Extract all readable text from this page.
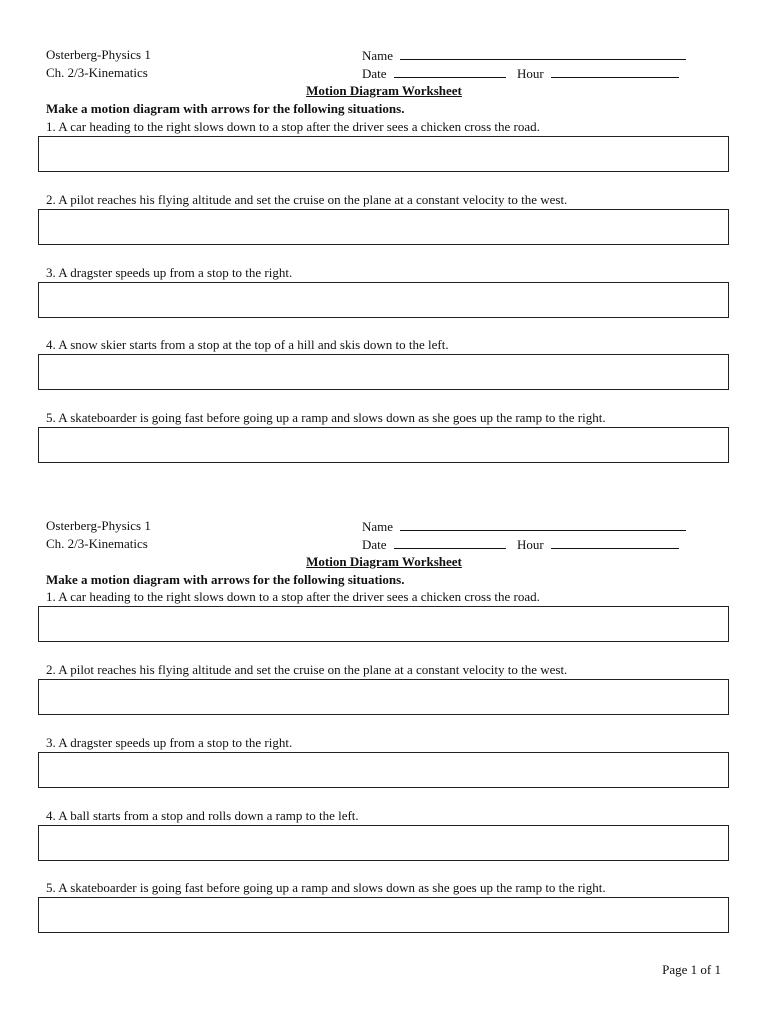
Osterberg-Physics 1
Ch. 2/3-Kinematics
Name
Date	Hour
Motion Diagram Worksheet
Make a motion diagram with arrows for the following situations.
1. A car heading to the right slows down to a stop after the driver sees a chicken cross the road.
2. A pilot reaches his flying altitude and set the cruise on the plane at a constant velocity to the west.
3. A dragster speeds up from a stop to the right.
4. A snow skier starts from a stop at the top of a hill and skis down to the left.
5. A skateboarder is going fast before going up a ramp and slows down as she goes up the ramp to the right.
Osterberg-Physics 1
Ch. 2/3-Kinematics
Name
Date	Hour
Motion Diagram Worksheet
Make a motion diagram with arrows for the following situations.
1. A car heading to the right slows down to a stop after the driver sees a chicken cross the road.
2. A pilot reaches his flying altitude and set the cruise on the plane at a constant velocity to the west.
3. A dragster speeds up from a stop to the right.
4. A ball starts from a stop and rolls down a ramp to the left.
5. A skateboarder is going fast before going up a ramp and slows down as she goes up the ramp to the right.
Page 1 of 1
